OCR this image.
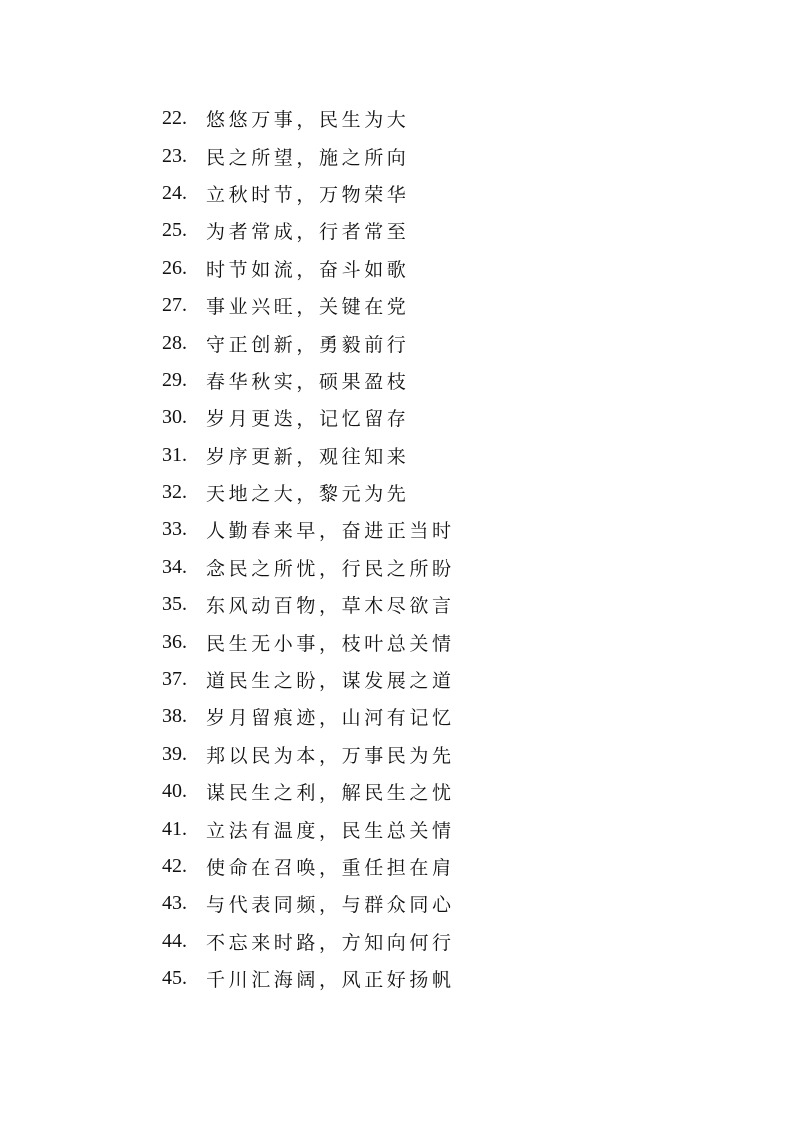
22.	悠悠万事，民生为大
23.	民之所望，施之所向
24.	立秋时节，万物荣华
25.	为者常成，行者常至
26.	时节如流，奋斗如歌
27.	事业兴旺，关键在党
28.	守正创新，勇毅前行
29.	春华秋实，硕果盈枝
30.	岁月更迭，记忆留存
31.	岁序更新，观往知来
32.	天地之大，黎元为先
33.	人勤春来早，奋进正当时
34.	念民之所忧，行民之所盼
35.	东风动百物，草木尽欲言
36.	民生无小事，枝叶总关情
37.	道民生之盼，谋发展之道
38.	岁月留痕迹，山河有记忆
39.	邦以民为本，万事民为先
40.	谋民生之利，解民生之忧
41.	立法有温度，民生总关情
42.	使命在召唤，重任担在肩
43.	与代表同频，与群众同心
44.	不忘来时路，方知向何行
45.	千川汇海阔，风正好扬帆
